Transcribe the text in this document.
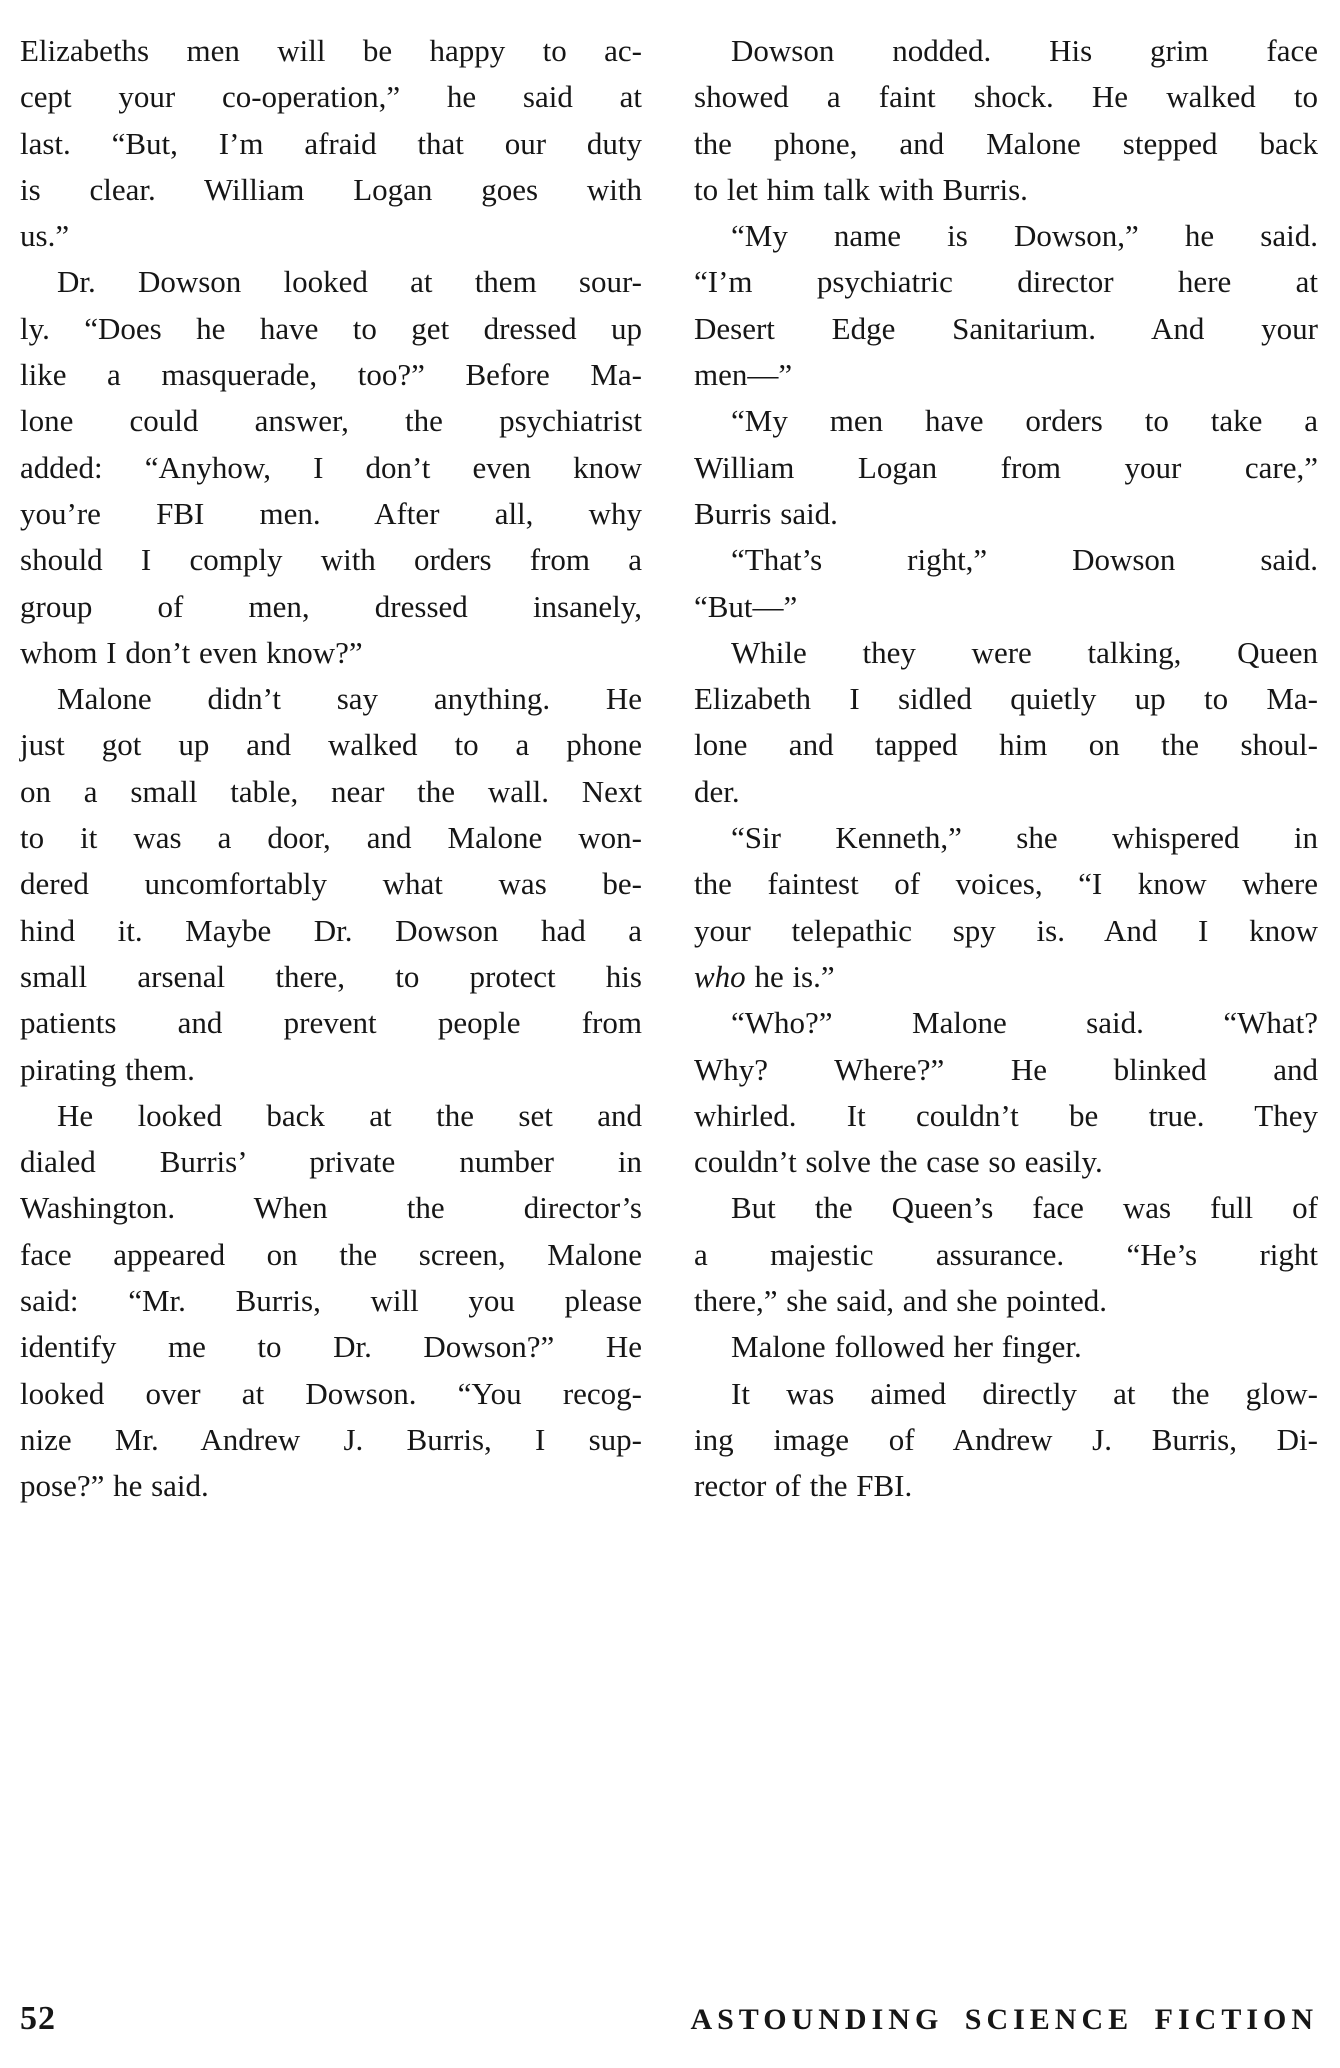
Elizabeths men will be happy to ac-
cept your co-operation,” he said at
last. “But, I’m afraid that our duty
is clear. William Logan goes with
us.”
Dr. Dowson looked at them sour-
ly. “Does he have to get dressed up
like a masquerade, too?” Before Ma-
lone could answer, the psychiatrist
added: “Anyhow, I don’t even know
you’re FBI men. After all, why
should I comply with orders from a
group of men, dressed insanely,
whom I don’t even know?”
Malone didn’t say anything. He
just got up and walked to a phone
on a small table, near the wall. Next
to it was a door, and Malone won-
dered uncomfortably what was be-
hind it. Maybe Dr. Dowson had a
small arsenal there, to protect his
patients and prevent people from
pirating them.
He looked back at the set and
dialed Burris’ private number in
Washington. When the director’s
face appeared on the screen, Malone
said: “Mr. Burris, will you please
identify me to Dr. Dowson?” He
looked over at Dowson. “You recog-
nize Mr. Andrew J. Burris, I sup-
pose?” he said.
Dowson nodded. His grim face
showed a faint shock. He walked to
the phone, and Malone stepped back
to let him talk with Burris.
“My name is Dowson,” he said.
“I’m psychiatric director here at
Desert Edge Sanitarium. And your
men—”
“My men have orders to take a
William Logan from your care,”
Burris said.
“That’s right,” Dowson said.
“But—”
While they were talking, Queen
Elizabeth I sidled quietly up to Ma-
lone and tapped him on the shoul-
der.
“Sir Kenneth,” she whispered in
the faintest of voices, “I know where
your telepathic spy is. And I know
who he is.”
“Who?” Malone said. “What?
Why? Where?” He blinked and
whirled. It couldn’t be true. They
couldn’t solve the case so easily.
But the Queen’s face was full of
a majestic assurance. “He’s right
there,” she said, and she pointed.
Malone followed her finger.
It was aimed directly at the glow-
ing image of Andrew J. Burris, Di-
rector of the FBI.
52	ASTOUNDING SCIENCE FICTION
